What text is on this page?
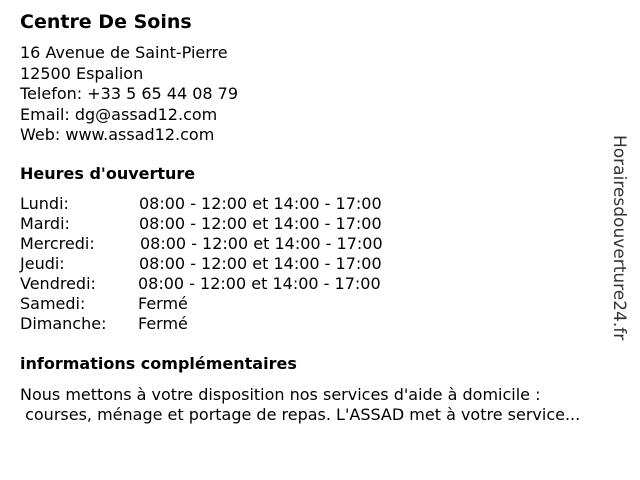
Centre De Soins
16 Avenue de Saint-Pierre
12500 Espalion
Telefon: +33 5 65 44 08 79
Email: dg@assad12.com
Web: www.assad12.com
Heures d'ouverture
Lundi:	08:00 - 12:00 et 14:00 - 17:00
Mardi:	08:00 - 12:00 et 14:00 - 17:00
Mercredi:	08:00 - 12:00 et 14:00 - 17:00
Jeudi:	08:00 - 12:00 et 14:00 - 17:00
Vendredi:	08:00 - 12:00 et 14:00 - 17:00
Samedi:	Fermé
Dimanche: Fermé
informations complémentaires
Nous mettons à votre disposition nos services d'aide à domicile :
courses, ménage et portage de repas. L'ASSAD met à votre service...
Horairesdouverture24.fr
